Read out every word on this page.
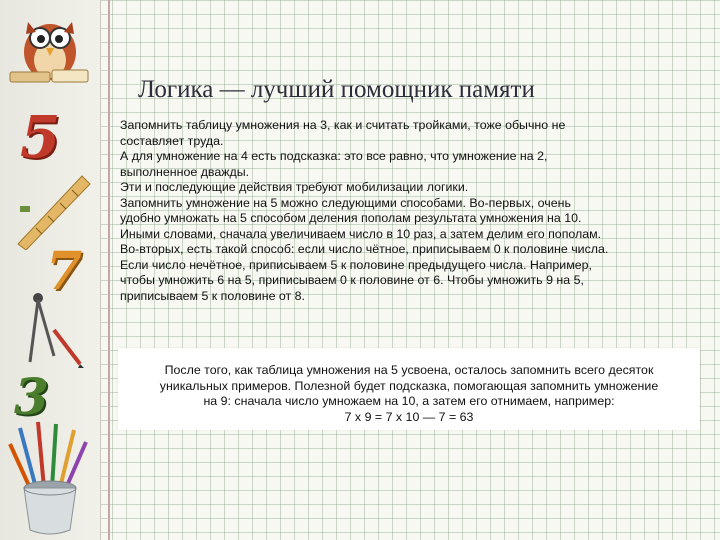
5
7
3
Логика — лучший помощник памяти

Запомнить таблицу умножения на 3, как и считать тройками, тоже обычно не

составляет труда.

А для умножение на 4 есть подсказка: это все равно, что умножение на 2,

выполненное дважды.

Эти и последующие действия требуют мобилизации логики.

Запомнить умножение на 5 можно следующими способами. Во-первых, очень

удобно умножать на 5 способом деления пополам результата умножения на 10.

Иными словами, сначала увеличиваем число в 10 раз, а затем делим его пополам.

Во-вторых, есть такой способ: если число чётное, приписываем 0 к половине числа.

Если число нечётное, приписываем 5 к половине предыдущего числа. Например,

чтобы умножить 6 на 5, приписываем 0 к половине от 6. Чтобы умножить 9 на 5,

приписываем 5 к половине от 8.

После того, как таблица умножения на 5 усвоена, осталось запомнить всего десяток

уникальных примеров. Полезной будет подсказка, помогающая запомнить умножение

на 9: сначала число умножаем на 10, а затем его отнимаем, например:

7 х 9 = 7 х 10 — 7 = 63
